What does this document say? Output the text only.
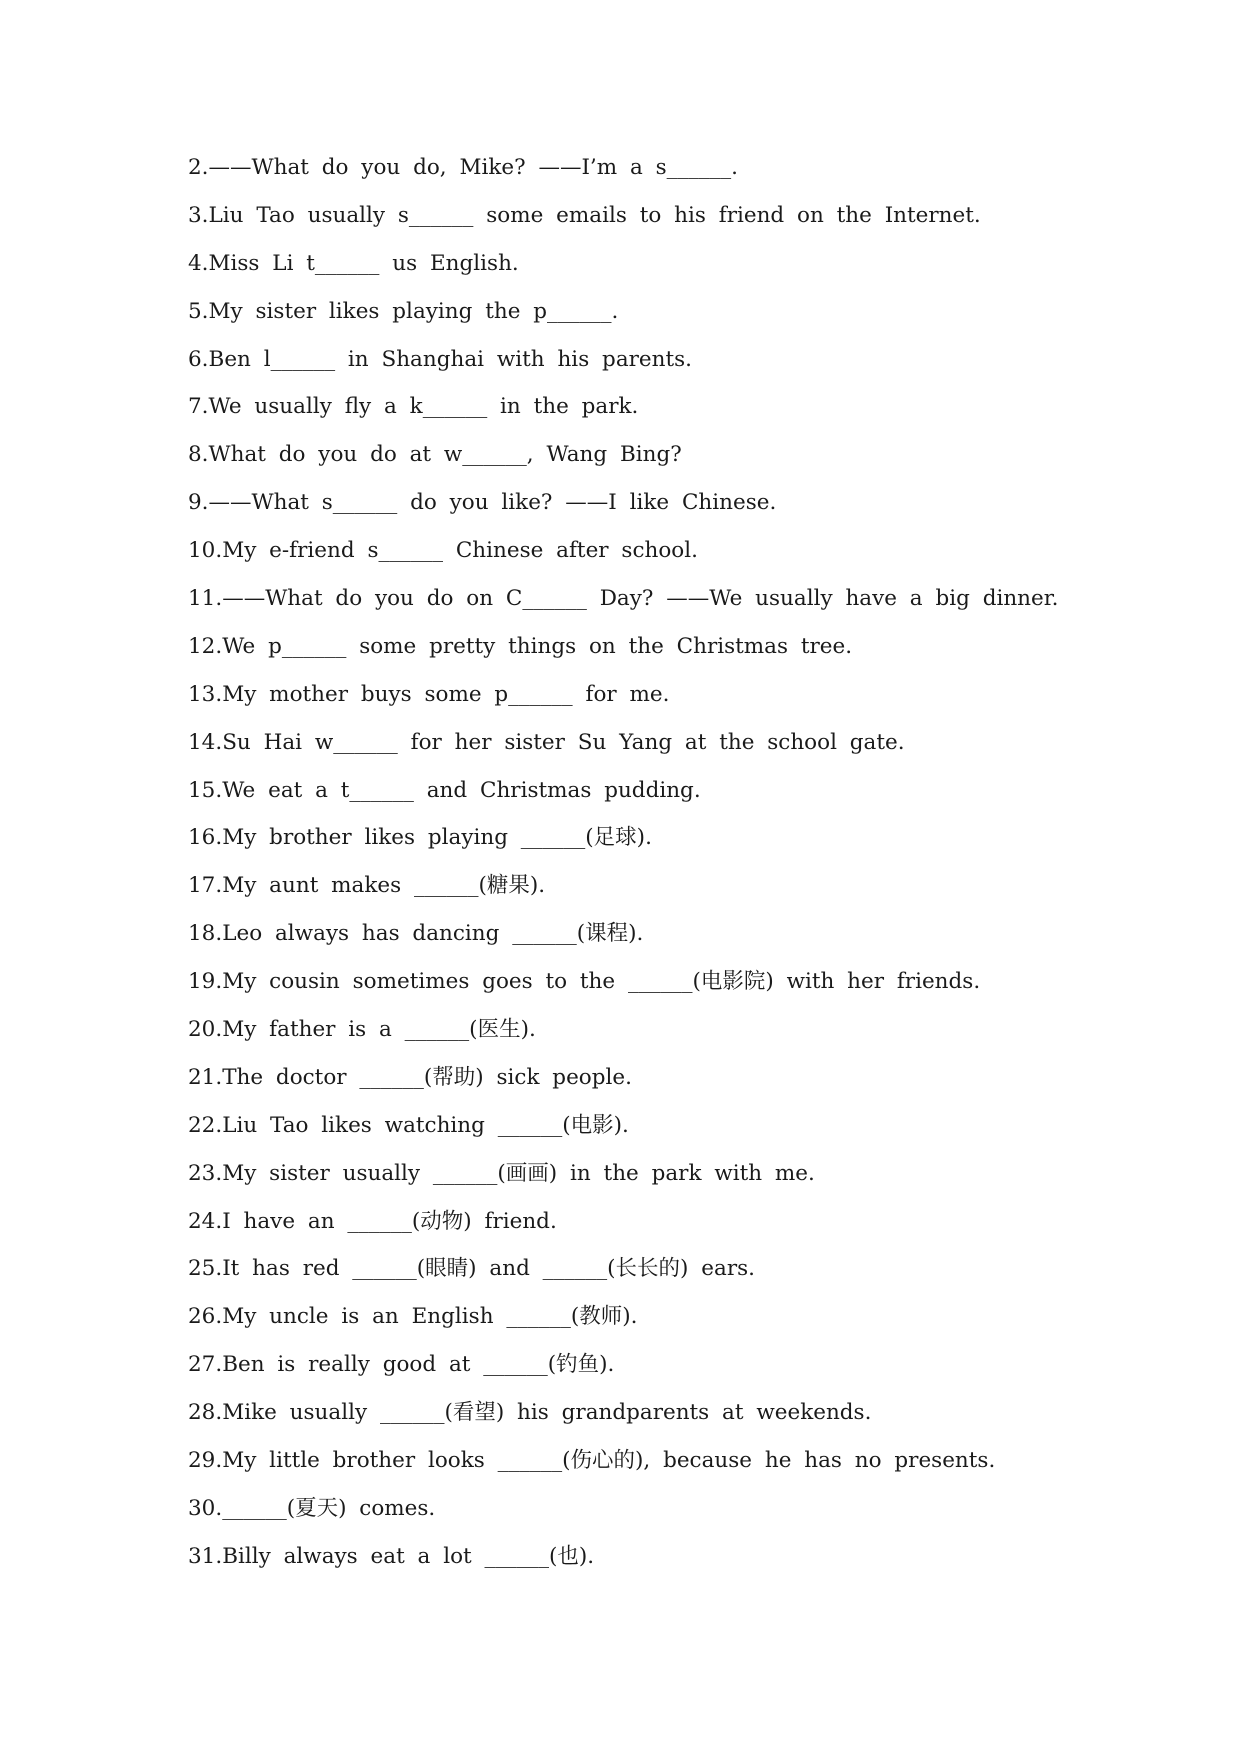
2.——What do you do, Mike? ——I’m a s______.
3.Liu Tao usually s______ some emails to his friend on the Internet.
4.Miss Li t______ us English.
5.My sister likes playing the p______.
6.Ben l______ in Shanghai with his parents.
7.We usually fly a k______ in the park.
8.What do you do at w______, Wang Bing?
9.——What s______ do you like? ——I like Chinese.
10.My e-friend s______ Chinese after school.
11.——What do you do on C______ Day? ——We usually have a big dinner.
12.We p______ some pretty things on the Christmas tree.
13.My mother buys some p______ for me.
14.Su Hai w______ for her sister Su Yang at the school gate.
15.We eat a t______ and Christmas pudding.
16.My brother likes playing ______(足球).
17.My aunt makes ______(糖果).
18.Leo always has dancing ______(课程).
19.My cousin sometimes goes to the ______(电影院) with her friends.
20.My father is a ______(医生).
21.The doctor ______(帮助) sick people.
22.Liu Tao likes watching ______(电影).
23.My sister usually ______(画画) in the park with me.
24.I have an ______(动物) friend.
25.It has red ______(眼睛) and ______(长长的) ears.
26.My uncle is an English ______(教师).
27.Ben is really good at ______(钓鱼).
28.Mike usually ______(看望) his grandparents at weekends.
29.My little brother looks ______(伤心的), because he has no presents.
30.______(夏天) comes.
31.Billy always eat a lot ______(也).
